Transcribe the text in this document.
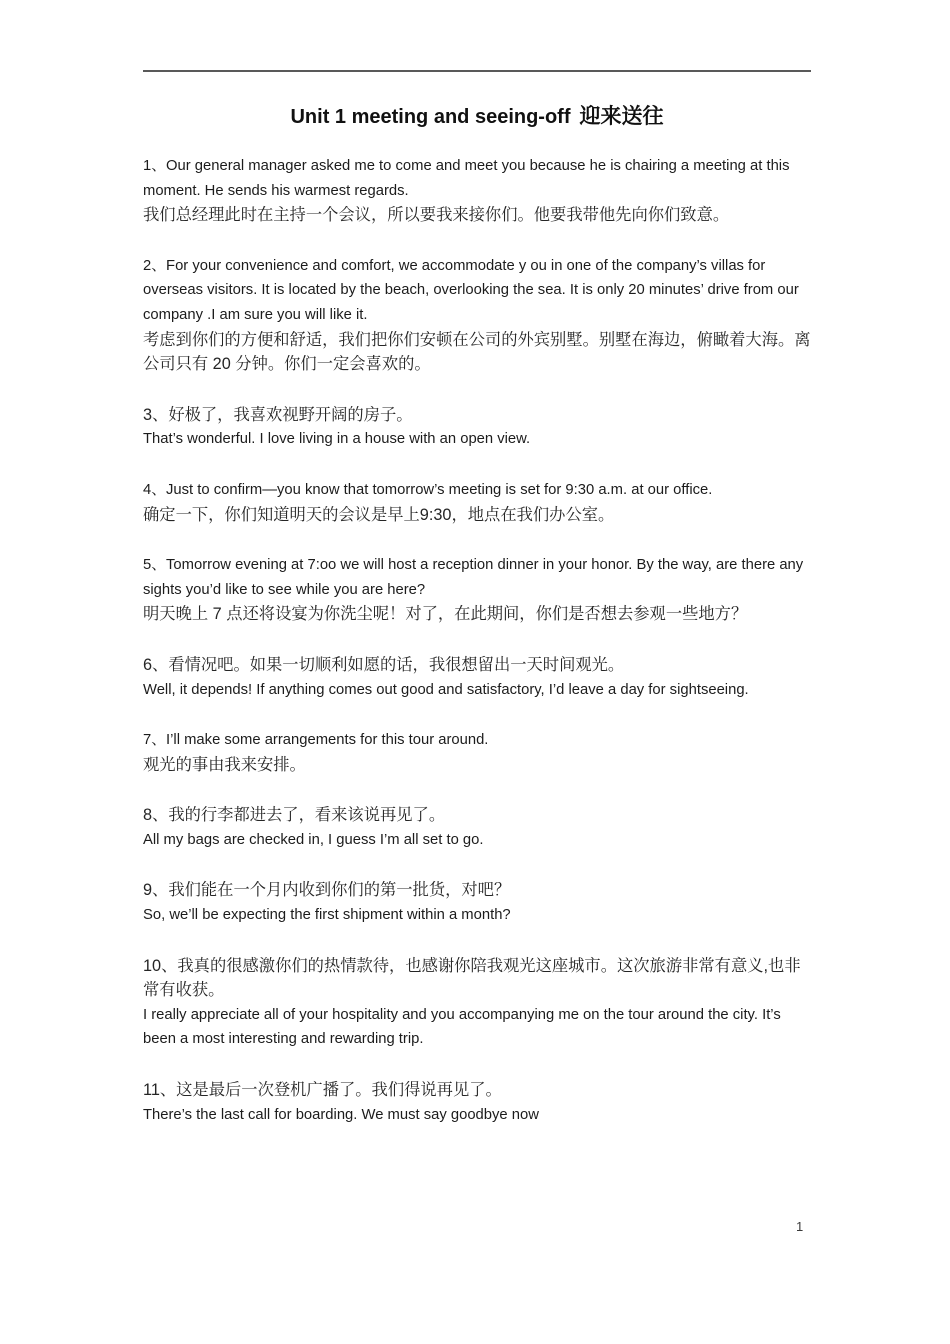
Unit 1 meeting and seeing-off 迎来送往

1、Our general manager asked me to come and meet you because he is chairing a meeting at this moment. He sends his warmest regards.

我们总经理此时在主持一个会议，所以要我来接你们。他要我带他先向你们致意。

2、For your convenience and comfort, we accommodate y ou in one of the company’s villas for overseas visitors. It is located by the beach, overlooking the sea. It is only 20 minutes’ drive from our company .I am sure you will like it.

考虑到你们的方便和舒适，我们把你们安顿在公司的外宾别墅。别墅在海边，俯瞰着大海。离公司只有 20 分钟。你们一定会喜欢的。

3、好极了，我喜欢视野开阔的房子。

That’s wonderful. I love living in a house with an open view.

4、Just to confirm—you know that tomorrow’s meeting is set for 9:30 a.m. at our office.

确定一下，你们知道明天的会议是早上9:30，地点在我们办公室。

5、Tomorrow evening at 7:oo we will host a reception dinner in your honor. By the way, are there any sights you’d like to see while you are here?

明天晚上 7 点还将设宴为你洗尘呢！对了，在此期间，你们是否想去参观一些地方？

6、看情况吧。如果一切顺利如愿的话，我很想留出一天时间观光。

Well, it depends! If anything comes out good and satisfactory, I’d leave a day for sightseeing.

7、I’ll make some arrangements for this tour around.

观光的事由我来安排。

8、我的行李都进去了，看来该说再见了。

All my bags are checked in, I guess I’m all set to go.

9、我们能在一个月内收到你们的第一批货，对吧？

So, we’ll be expecting the first shipment within a month?

10、我真的很感激你们的热情款待，也感谢你陪我观光这座城市。这次旅游非常有意义,也非常有收获。

I really appreciate all of your hospitality and you accompanying me on the tour around the city. It’s been a most interesting and rewarding trip.

11、这是最后一次登机广播了。我们得说再见了。

There’s the last call for boarding. We must say goodbye now

1
